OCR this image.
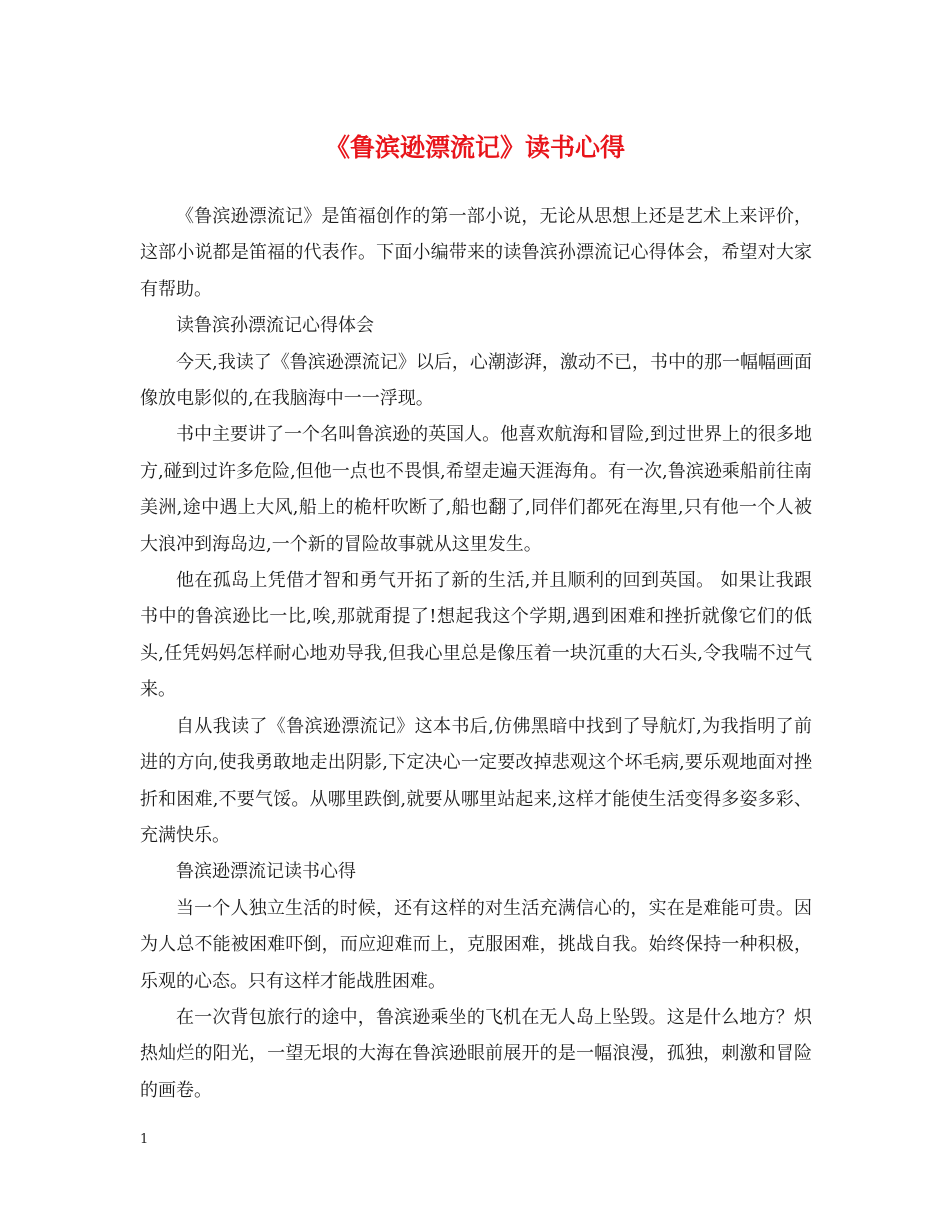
《鲁滨逊漂流记》读书心得

《鲁滨逊漂流记》是笛福创作的第一部小说，无论从思想上还是艺术上来评价，这部小说都是笛福的代表作。下面小编带来的读鲁滨孙漂流记心得体会，希望对大家有帮助。

读鲁滨孙漂流记心得体会

今天,我读了《鲁滨逊漂流记》以后，心潮澎湃，激动不已，书中的那一幅幅画面像放电影似的,在我脑海中一一浮现。

书中主要讲了一个名叫鲁滨逊的英国人。他喜欢航海和冒险,到过世界上的很多地方,碰到过许多危险,但他一点也不畏惧,希望走遍天涯海角。有一次,鲁滨逊乘船前往南美洲,途中遇上大风,船上的桅杆吹断了,船也翻了,同伴们都死在海里,只有他一个人被大浪冲到海岛边,一个新的冒险故事就从这里发生。

他在孤岛上凭借才智和勇气开拓了新的生活,并且顺利的回到英国。 如果让我跟书中的鲁滨逊比一比,唉,那就甭提了!想起我这个学期,遇到困难和挫折就像它们的低头,任凭妈妈怎样耐心地劝导我,但我心里总是像压着一块沉重的大石头,令我喘不过气来。

自从我读了《鲁滨逊漂流记》这本书后,仿佛黑暗中找到了导航灯,为我指明了前进的方向,使我勇敢地走出阴影,下定决心一定要改掉悲观这个坏毛病,要乐观地面对挫折和困难,不要气馁。从哪里跌倒,就要从哪里站起来,这样才能使生活变得多姿多彩、充满快乐。

鲁滨逊漂流记读书心得

当一个人独立生活的时候，还有这样的对生活充满信心的，实在是难能可贵。因为人总不能被困难吓倒，而应迎难而上，克服困难，挑战自我。始终保持一种积极，乐观的心态。只有这样才能战胜困难。

在一次背包旅行的途中，鲁滨逊乘坐的飞机在无人岛上坠毁。这是什么地方？炽热灿烂的阳光，一望无垠的大海在鲁滨逊眼前展开的是一幅浪漫，孤独，刺激和冒险的画卷。

1
